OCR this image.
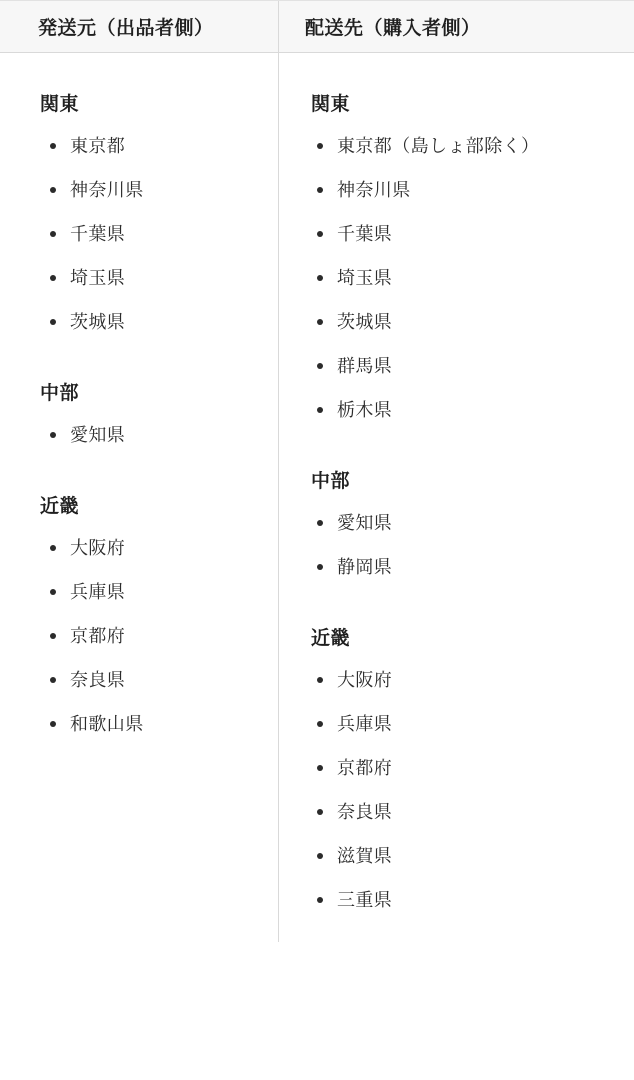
発送元（出品者側）
関東
東京都
神奈川県
千葉県
埼玉県
茨城県
中部
愛知県
近畿
大阪府
兵庫県
京都府
奈良県
和歌山県
配送先（購入者側）
関東
東京都（島しょ部除く）
神奈川県
千葉県
埼玉県
茨城県
群馬県
栃木県
中部
愛知県
静岡県
近畿
大阪府
兵庫県
京都府
奈良県
滋賀県
三重県
